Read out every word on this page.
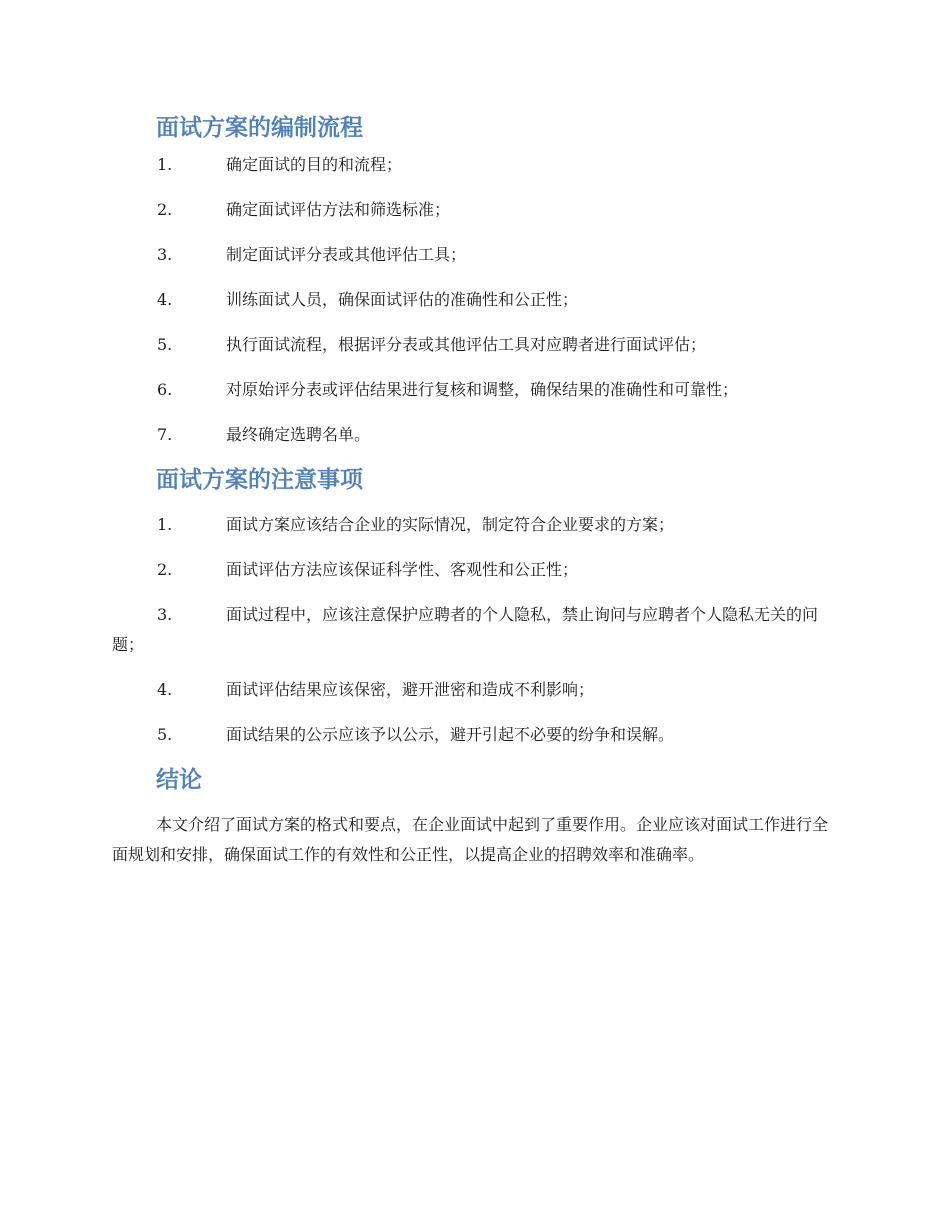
面试方案的编制流程
1.	确定面试的目的和流程；
2.	确定面试评估方法和筛选标准；
3.	制定面试评分表或其他评估工具；
4.	训练面试人员，确保面试评估的准确性和公正性；
5.	执行面试流程，根据评分表或其他评估工具对应聘者进行面试评估；
6.	对原始评分表或评估结果进行复核和调整，确保结果的准确性和可靠性；
7.	最终确定选聘名单。
面试方案的注意事项
1.	面试方案应该结合企业的实际情况，制定符合企业要求的方案；
2.	面试评估方法应该保证科学性、客观性和公正性；
3.	面试过程中，应该注意保护应聘者的个人隐私，禁止询问与应聘者个人隐私无关的问题；
4.	面试评估结果应该保密，避开泄密和造成不利影响；
5.	面试结果的公示应该予以公示，避开引起不必要的纷争和误解。
结论

本文介绍了面试方案的格式和要点，在企业面试中起到了重要作用。企业应该对面试工作进行全面规划和安排，确保面试工作的有效性和公正性，以提高企业的招聘效率和准确率。
